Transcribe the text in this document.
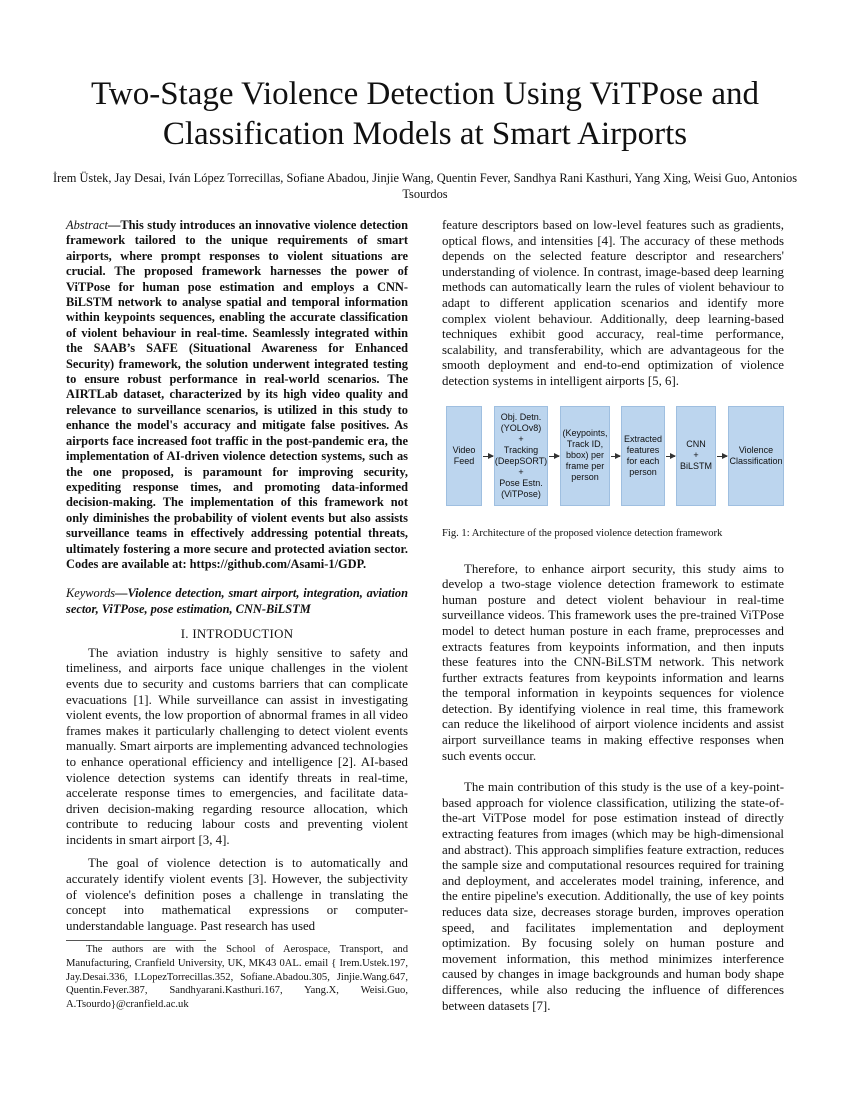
Two-Stage Violence Detection Using ViTPose and Classification Models at Smart Airports

İrem Üstek, Jay Desai, Iván López Torrecillas, Sofiane Abadou, Jinjie Wang, Quentin Fever, Sandhya Rani Kasthuri, Yang Xing, Weisi Guo, Antonios Tsourdos

Abstract—This study introduces an innovative violence detection framework tailored to the unique requirements of smart airports, where prompt responses to violent situations are crucial. The proposed framework harnesses the power of ViTPose for human pose estimation and employs a CNN-BiLSTM network to analyse spatial and temporal information within keypoints sequences, enabling the accurate classification of violent behaviour in real-time. Seamlessly integrated within the SAAB’s SAFE (Situational Awareness for Enhanced Security) framework, the solution underwent integrated testing to ensure robust performance in real-world scenarios. The AIRTLab dataset, characterized by its high video quality and relevance to surveillance scenarios, is utilized in this study to enhance the model's accuracy and mitigate false positives. As airports face increased foot traffic in the post-pandemic era, the implementation of AI-driven violence detection systems, such as the one proposed, is paramount for improving security, expediting response times, and promoting data-informed decision-making. The implementation of this framework not only diminishes the probability of violent events but also assists surveillance teams in effectively addressing potential threats, ultimately fostering a more secure and protected aviation sector. Codes are available at: https://github.com/Asami-1/GDP.

Keywords—Violence detection, smart airport, integration, aviation sector, ViTPose, pose estimation, CNN-BiLSTM

I. INTRODUCTION

The aviation industry is highly sensitive to safety and timeliness, and airports face unique challenges in the violent events due to security and customs barriers that can complicate evacuations [1]. While surveillance can assist in investigating violent events, the low proportion of abnormal frames in all video frames makes it particularly challenging to detect violent events manually. Smart airports are implementing advanced technologies to enhance operational efficiency and intelligence [2]. AI-based violence detection systems can identify threats in real-time, accelerate response times to emergencies, and facilitate data-driven decision-making regarding resource allocation, which contribute to reducing labour costs and preventing violent incidents in smart airport [3, 4].

The goal of violence detection is to automatically and accurately identify violent events [3]. However, the subjectivity of violence's definition poses a challenge in translating the concept into mathematical expressions or computer-understandable language. Past research has used

The authors are with the School of Aerospace, Transport, and Manufacturing, Cranfield University, UK, MK43 0AL. email { Irem.Ustek.197, Jay.Desai.336, I.LopezTorrecillas.352, Sofiane.Abadou.305, Jinjie.Wang.647, Quentin.Fever.387, Sandhyarani.Kasthuri.167, Yang.X, Weisi.Guo, A.Tsourdo}@cranfield.ac.uk

feature descriptors based on low-level features such as gradients, optical flows, and intensities [4]. The accuracy of these methods depends on the selected feature descriptor and researchers' understanding of violence. In contrast, image-based deep learning methods can automatically learn the rules of violent behaviour to adapt to different application scenarios and identify more complex violent behaviour. Additionally, deep learning-based techniques exhibit good accuracy, real-time performance, scalability, and transferability, which are advantageous for the smooth deployment and end-to-end optimization of violence detection systems in intelligent airports [5, 6].

Video
Feed
Obj. Detn.
(YOLOv8)
+
Tracking
(DeepSORT)
+
Pose Estn.
(ViTPose)
(Keypoints,
Track ID,
bbox) per
frame per
person
Extracted
features
for each
person
CNN
+
BiLSTM
Violence
Classification

Fig. 1: Architecture of the proposed violence detection framework

Therefore, to enhance airport security, this study aims to develop a two-stage violence detection framework to estimate human posture and detect violent behaviour in real-time surveillance videos. This framework uses the pre-trained ViTPose model to detect human posture in each frame, preprocesses and extracts features from keypoints information, and then inputs these features into the CNN-BiLSTM network. This network further extracts features from keypoints information and learns the temporal information in keypoints sequences for violence detection. By identifying violence in real time, this framework can reduce the likelihood of airport violence incidents and assist airport surveillance teams in making effective responses when such events occur.

The main contribution of this study is the use of a key-point-based approach for violence classification, utilizing the state-of-the-art ViTPose model for pose estimation instead of directly extracting features from images (which may be high-dimensional and abstract). This approach simplifies feature extraction, reduces the sample size and computational resources required for training and deployment, and accelerates model training, inference, and the entire pipeline's execution. Additionally, the use of key points reduces data size, decreases storage burden, improves operation speed, and facilitates implementation and deployment optimization. By focusing solely on human posture and movement information, this method minimizes interference caused by changes in image backgrounds and human body shape differences, while also reducing the influence of differences between datasets [7].
